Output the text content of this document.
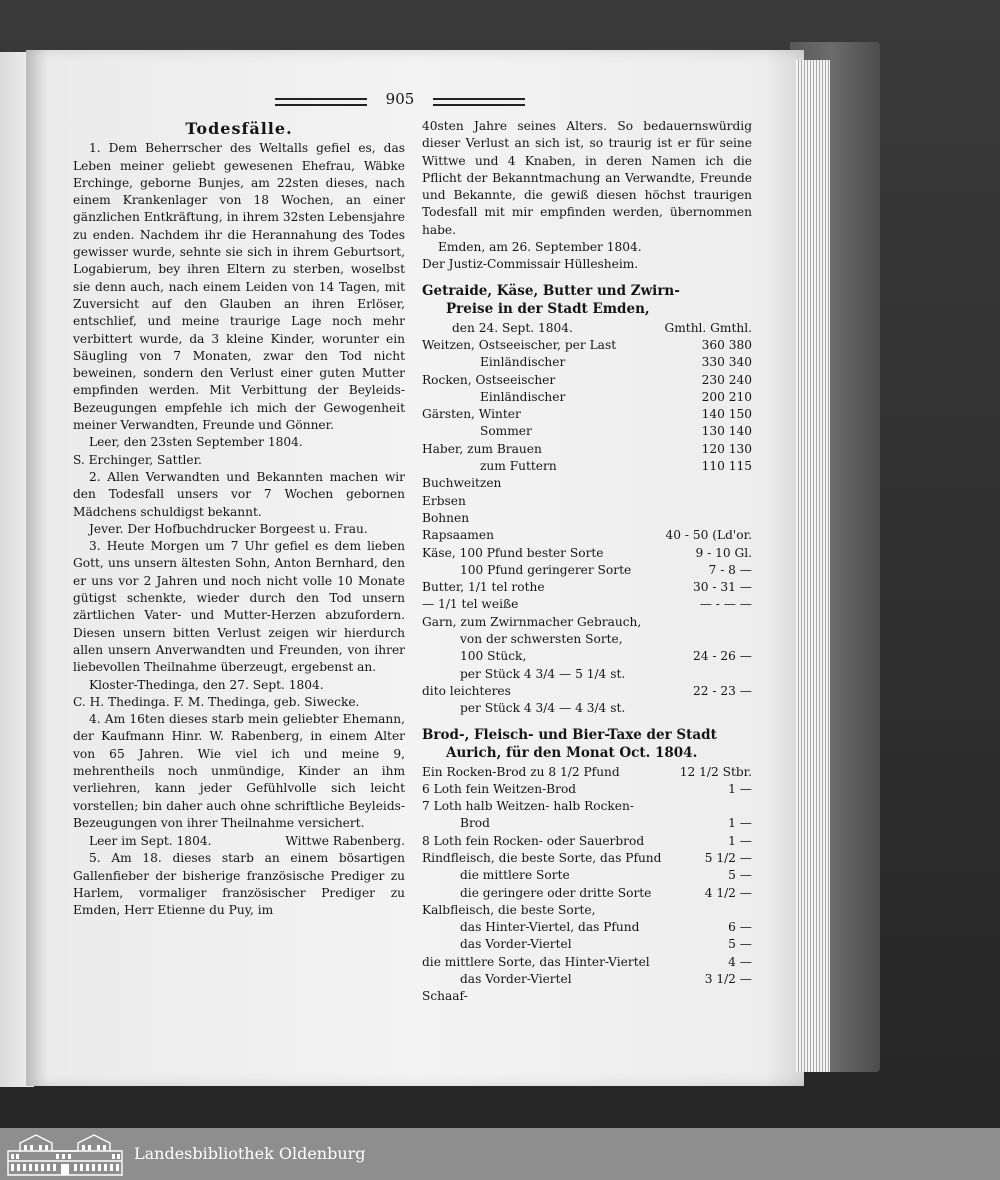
905
Todesfälle.

1. Dem Beherrscher des Weltalls gefiel es, das Leben meiner geliebt gewesenen Ehefrau, Wäbke Erchinge, geborne Bunjes, am 22sten dieses, nach einem Krankenlager von 18 Wochen, an einer gänzlichen Entkräftung, in ihrem 32sten Lebensjahre zu enden. Nachdem ihr die Herannahung des Todes gewisser wurde, sehnte sie sich in ihrem Geburtsort, Logabierum, bey ihren Eltern zu sterben, woselbst sie denn auch, nach einem Leiden von 14 Tagen, mit Zuversicht auf den Glauben an ihren Erlöser, entschlief, und meine traurige Lage noch mehr verbittert wurde, da 3 kleine Kinder, worunter ein Säugling von 7 Monaten, zwar den Tod nicht beweinen, sondern den Verlust einer guten Mutter empfinden werden. Mit Verbittung der Beyleids-Bezeugungen empfehle ich mich der Gewogenheit meiner Verwandten, Freunde und Gönner.

Leer, den 23sten September 1804.

S. Erchinger, Sattler.

2. Allen Verwandten und Bekannten machen wir den Todesfall unsers vor 7 Wochen gebornen Mädchens schuldigst bekannt.

Jever. Der Hofbuchdrucker Borgeest u. Frau.

3. Heute Morgen um 7 Uhr gefiel es dem lieben Gott, uns unsern ältesten Sohn, Anton Bernhard, den er uns vor 2 Jahren und noch nicht volle 10 Monate gütigst schenkte, wieder durch den Tod unsern zärtlichen Vater- und Mutter-Herzen abzufordern. Diesen unsern bitten Verlust zeigen wir hierdurch allen unsern Anverwandten und Freunden, von ihrer liebevollen Theilnahme überzeugt, ergebenst an.

Kloster-Thedinga, den 27. Sept. 1804.

C. H. Thedinga. F. M. Thedinga, geb. Siwecke.

4. Am 16ten dieses starb mein geliebter Ehemann, der Kaufmann Hinr. W. Rabenberg, in einem Alter von 65 Jahren. Wie viel ich und meine 9, mehrentheils noch unmündige, Kinder an ihm verliehren, kann jeder Gefühlvolle sich leicht vorstellen; bin daher auch ohne schriftliche Beyleids-Bezeugungen von ihrer Theilnahme versichert.

Leer im Sept. 1804.	Wittwe Rabenberg.

5. Am 18. dieses starb an einem bösartigen Gallenfieber der bisherige französische Prediger zu Harlem, vormaliger französischer Prediger zu Emden, Herr Etienne du Puy, im

40sten Jahre seines Alters. So bedauernswürdig dieser Verlust an sich ist, so traurig ist er für seine Wittwe und 4 Knaben, in deren Namen ich die Pflicht der Bekanntmachung an Verwandte, Freunde und Bekannte, die gewiß diesen höchst traurigen Todesfall mit mir empfinden werden, übernommen habe.

Emden, am 26. September 1804.

Der Justiz-Commissair Hüllesheim.

Getraide, Käse, Butter und Zwirn-
Preise in der Stadt Emden,
den 24. Sept. 1804.	Gmthl. Gmthl.
Weitzen, Ostseeischer, per Last	360 380
Einländischer	330 340
Rocken, Ostseeischer	230 240
Einländischer	200 210
Gärsten, Winter	140 150
Sommer	130 140
Haber, zum Brauen	120 130
zum Futtern	110 115
Buchweitzen
Erbsen
Bohnen
Rapsaamen	40 - 50 (Ld'or.
Käse, 100 Pfund bester Sorte	9 - 10 Gl.
100 Pfund geringerer Sorte	7 - 8 —
Butter, 1/1 tel rothe	30 - 31 —
— 1/1 tel weiße	— - — —
Garn, zum Zwirnmacher Gebrauch,
von der schwersten Sorte,
100 Stück,	24 - 26 —
per Stück 4 3/4 — 5 1/4 st.
dito leichteres	22 - 23 —
per Stück 4 3/4 — 4 3/4 st.
Brod-, Fleisch- und Bier-Taxe der Stadt
Aurich, für den Monat Oct. 1804.
Ein Rocken-Brod zu 8 1/2 Pfund	12 1/2 Stbr.
6 Loth fein Weitzen-Brod	1 —
7 Loth halb Weitzen- halb Rocken-
Brod	1 —
8 Loth fein Rocken- oder Sauerbrod	1 —
Rindfleisch, die beste Sorte, das Pfund	5 1/2 —
die mittlere Sorte	5 —
die geringere oder dritte Sorte	4 1/2 —
Kalbfleisch, die beste Sorte,
das Hinter-Viertel, das Pfund	6 —
das Vorder-Viertel	5 —
die mittlere Sorte, das Hinter-Viertel	4 —
das Vorder-Viertel	3 1/2 —

Schaaf-

Landesbibliothek Oldenburg
